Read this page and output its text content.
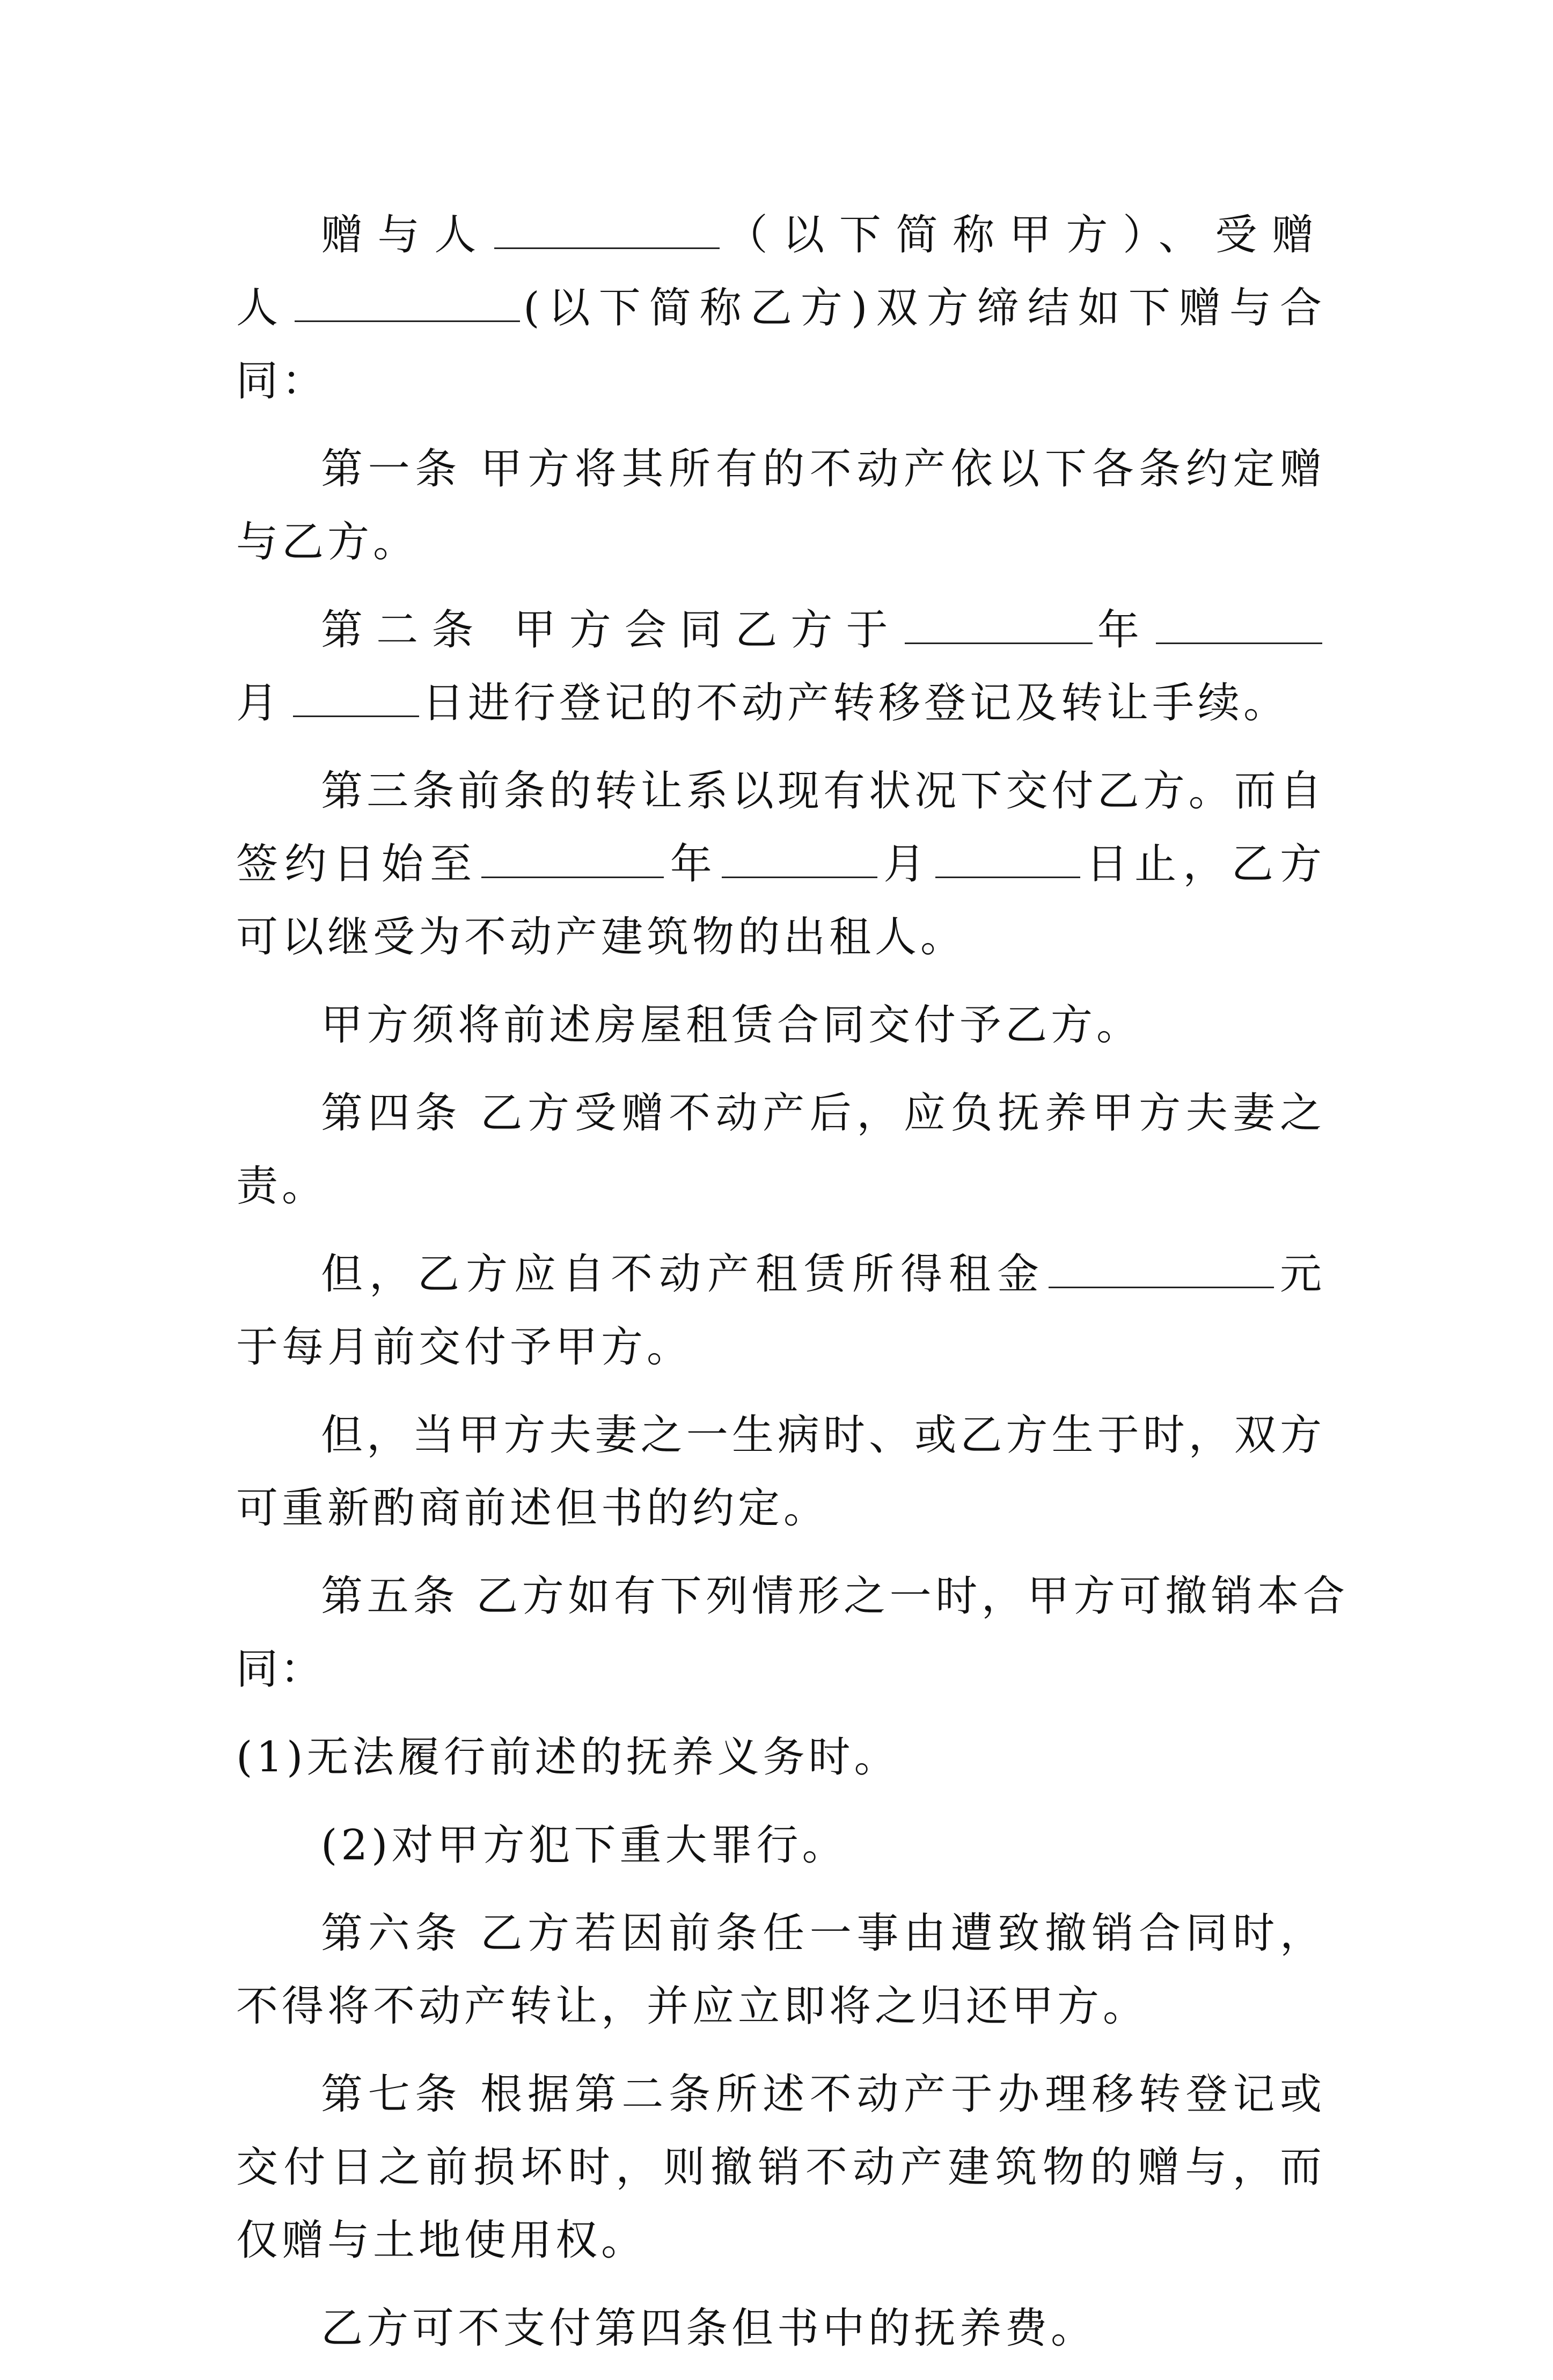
赠与人	（以下简称甲方）、受赠人	(以下简称乙方)双方缔结如下赠与合同：

第一条 甲方将其所有的不动产依以下各条约定赠与乙方。

第二条 甲方会同乙方于	年月	日进行登记的不动产转移登记及转让手续。

第三条前条的转让系以现有状况下交付乙方。而自签约日始至	年	月	日止，乙方可以继受为不动产建筑物的出租人。

甲方须将前述房屋租赁合同交付予乙方。

第四条 乙方受赠不动产后，应负抚养甲方夫妻之责。

但，乙方应自不动产租赁所得租金	元于每月前交付予甲方。

但，当甲方夫妻之一生病时、或乙方生于时，双方可重新酌商前述但书的约定。

第五条 乙方如有下列情形之一时，甲方可撤销本合同：

(1)无法履行前述的抚养义务时。

(2)对甲方犯下重大罪行。

第六条 乙方若因前条任一事由遭致撤销合同时，不得将不动产转让，并应立即将之归还甲方。

第七条 根据第二条所述不动产于办理移转登记或交付日之前损坏时，则撤销不动产建筑物的赠与，而仅赠与土地使用权。

乙方可不支付第四条但书中的抚养费。
